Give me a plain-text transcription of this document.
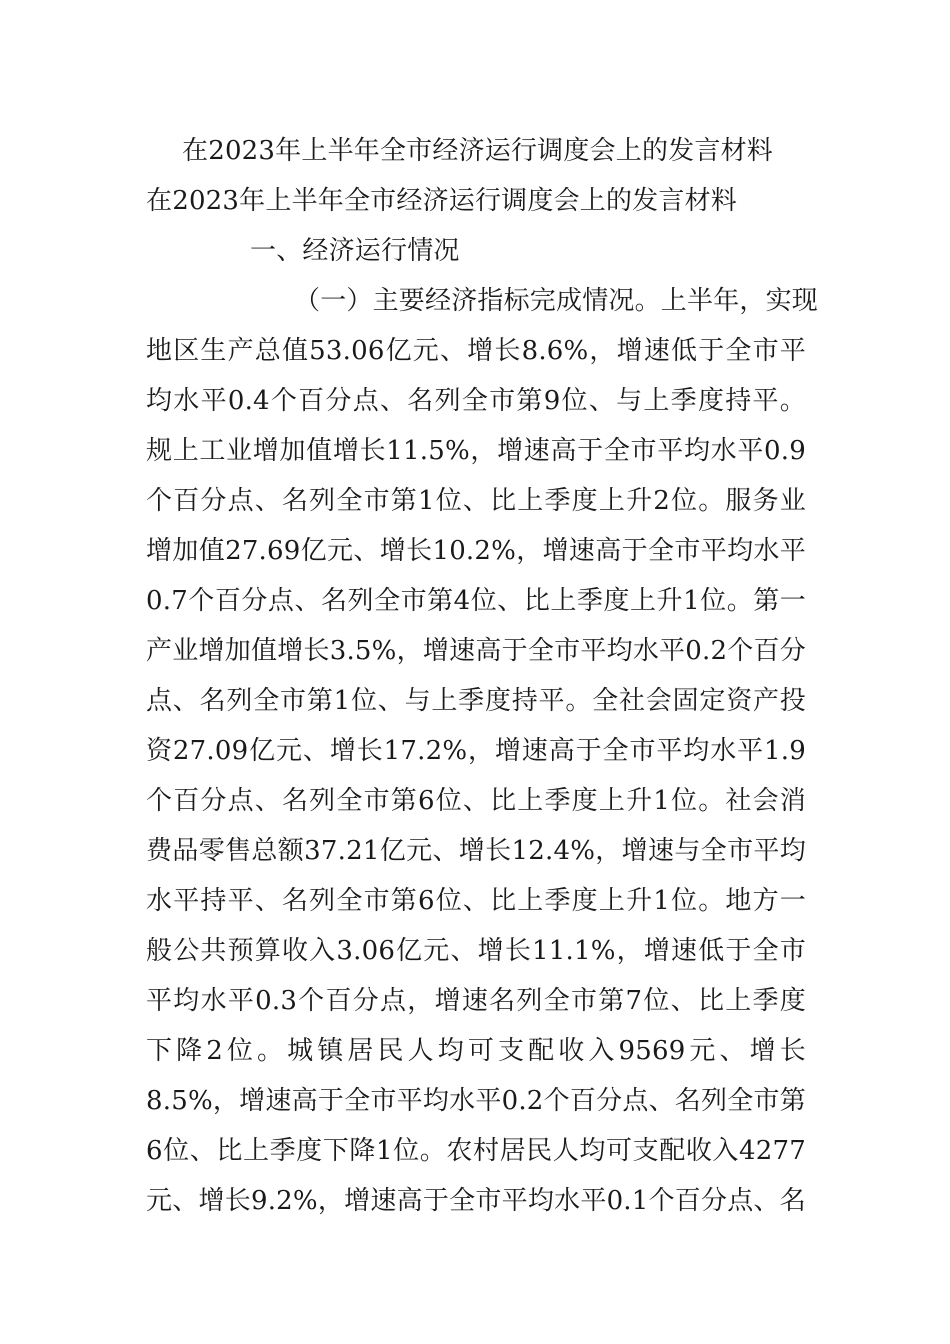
在2023年上半年全市经济运行调度会上的发言材料
在2023年上半年全市经济运行调度会上的发言材料
一、经济运行情况
（一）主要经济指标完成情况。上半年，实现
地区生产总值53.06亿元、增长8.6%，增速低于全市平
均水平0.4个百分点、名列全市第9位、与上季度持平。
规上工业增加值增长11.5%，增速高于全市平均水平0.9
个百分点、名列全市第1位、比上季度上升2位。服务业
增加值27.69亿元、增长10.2%，增速高于全市平均水平
0.7个百分点、名列全市第4位、比上季度上升1位。第一
产业增加值增长3.5%，增速高于全市平均水平0.2个百分
点、名列全市第1位、与上季度持平。全社会固定资产投
资27.09亿元、增长17.2%，增速高于全市平均水平1.9
个百分点、名列全市第6位、比上季度上升1位。社会消
费品零售总额37.21亿元、增长12.4%，增速与全市平均
水平持平、名列全市第6位、比上季度上升1位。地方一
般公共预算收入3.06亿元、增长11.1%，增速低于全市
平均水平0.3个百分点，增速名列全市第7位、比上季度
下降2位。城镇居民人均可支配收入9569元、增长
8.5%，增速高于全市平均水平0.2个百分点、名列全市第
6位、比上季度下降1位。农村居民人均可支配收入4277
元、增长9.2%，增速高于全市平均水平0.1个百分点、名
